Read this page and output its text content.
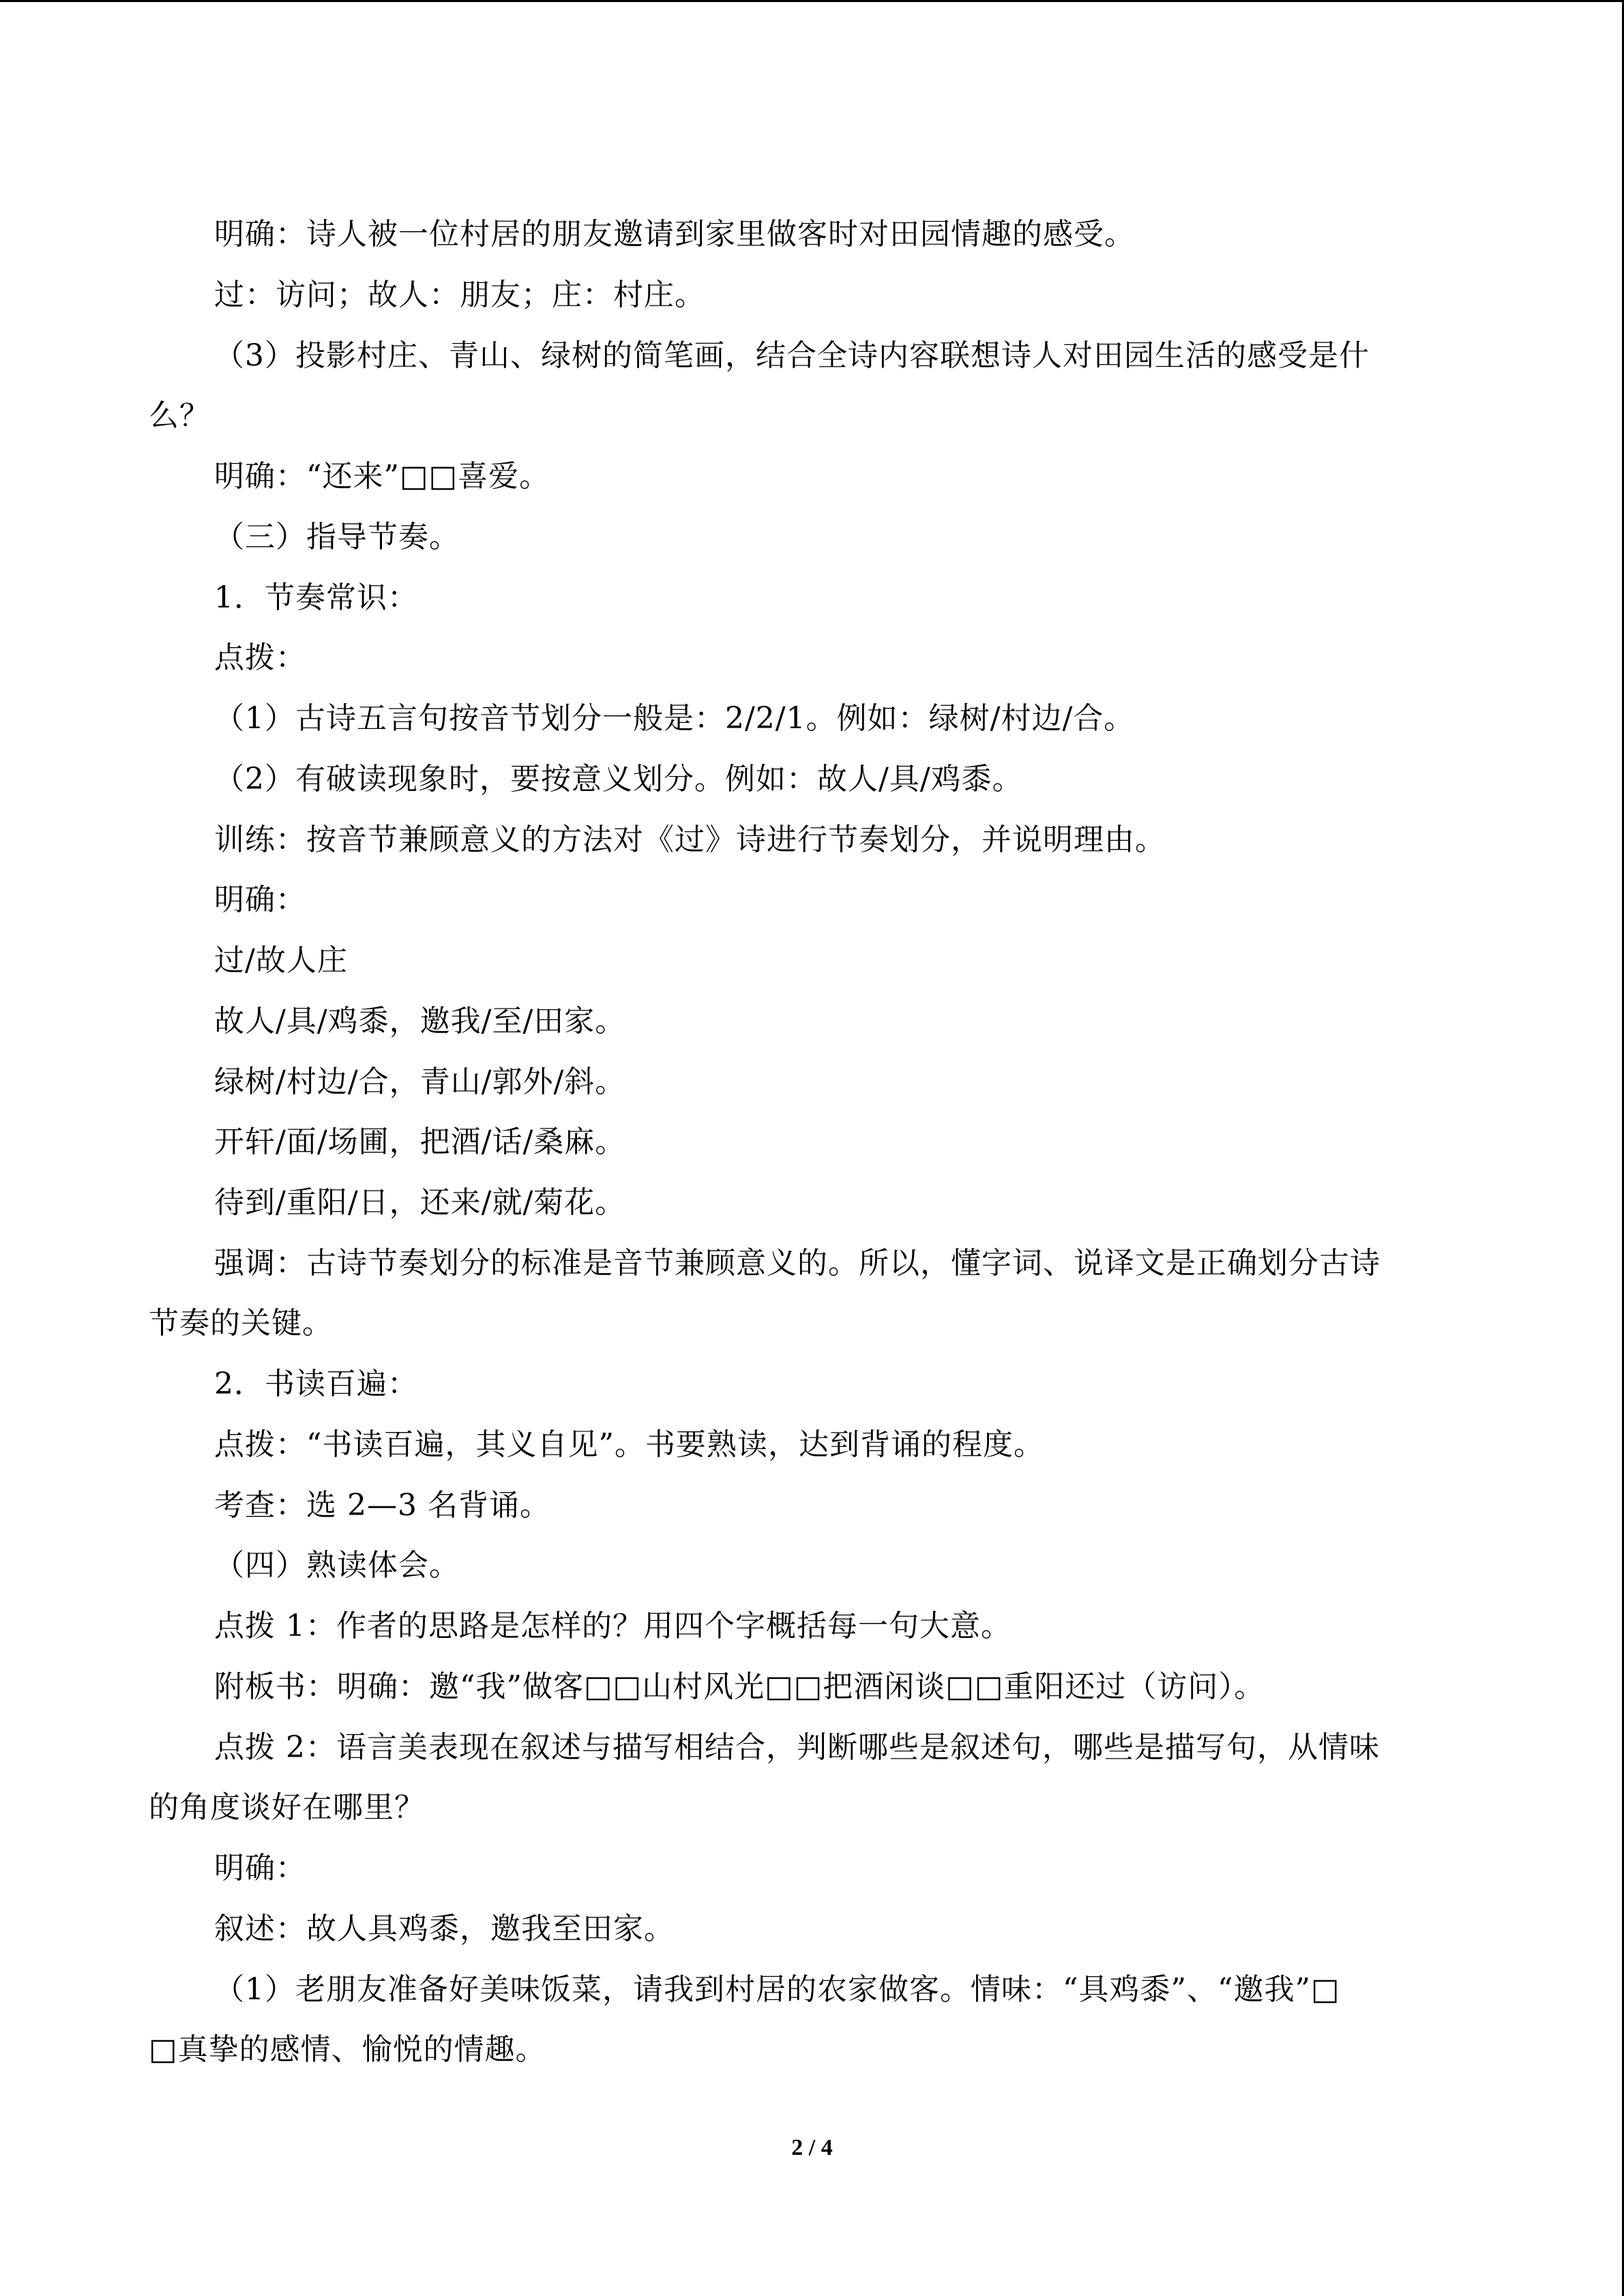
明确：诗人被一位村居的朋友邀请到家里做客时对田园情趣的感受。
过：访问；故人：朋友；庄：村庄。
（3）投影村庄、青山、绿树的简笔画，结合全诗内容联想诗人对田园生活的感受是什
么？
明确：“还来”□□喜爱。
（三）指导节奏。
1．节奏常识：
点拨：
（1）古诗五言句按音节划分一般是：2/2/1。例如：绿树/村边/合。
（2）有破读现象时，要按意义划分。例如：故人/具/鸡黍。
训练：按音节兼顾意义的方法对《过》诗进行节奏划分，并说明理由。
明确：
过/故人庄
故人/具/鸡黍，邀我/至/田家。
绿树/村边/合，青山/郭外/斜。
开轩/面/场圃，把酒/话/桑麻。
待到/重阳/日，还来/就/菊花。
强调：古诗节奏划分的标准是音节兼顾意义的。所以，懂字词、说译文是正确划分古诗
节奏的关键。
2．书读百遍：
点拨：“书读百遍，其义自见”。书要熟读，达到背诵的程度。
考查：选 2—3 名背诵。
（四）熟读体会。
点拨 1：作者的思路是怎样的？用四个字概括每一句大意。
附板书：明确：邀“我”做客□□山村风光□□把酒闲谈□□重阳还过（访问）。
点拨 2：语言美表现在叙述与描写相结合，判断哪些是叙述句，哪些是描写句，从情味
的角度谈好在哪里？
明确：
叙述：故人具鸡黍，邀我至田家。
（1）老朋友准备好美味饭菜，请我到村居的农家做客。情味：“具鸡黍”、“邀我”□
□真挚的感情、愉悦的情趣。
2 / 4
